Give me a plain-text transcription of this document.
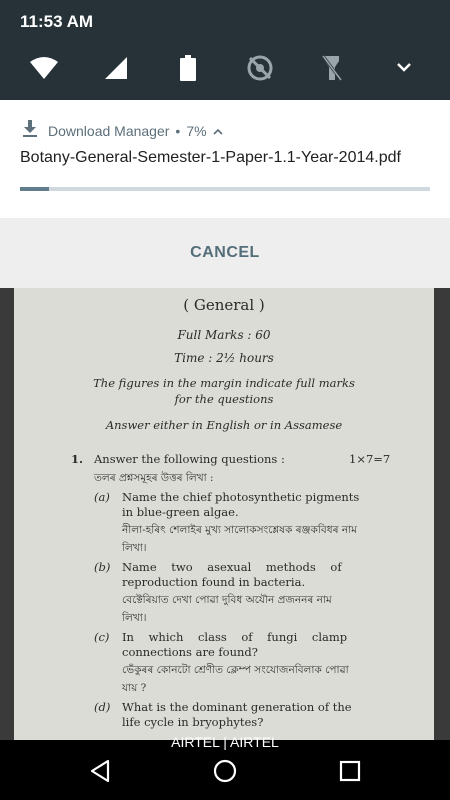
( General )
Full Marks : 60
Time : 2½ hours
The figures in the margin indicate full marks
for the questions
Answer either in English or in Assamese
1. Answer the following questions :	1×7=7
তলৰ প্ৰশ্নসমূহৰ উত্তৰ লিখা :
(a) Name the chief photosynthetic pigments
in blue-green algae.
নীলা-হৰিৎ শেলাইৰ মুখ্য সালোকসংশ্লেষক ৰঞ্জকবিধৰ নাম
লিখা।
(b) Name    two    asexual    methods    of
reproduction found in bacteria.
বেক্টেৰিয়াত দেখা পোৱা দুবিধ অযৌন প্ৰজননৰ নাম
লিখা।
(c) In    which    class    of    fungi    clamp
connections are found?
ভেঁকুৰৰ কোনটো শ্ৰেণীত ক্লেম্প সংযোজনবিলাক পোৱা
যায় ?
(d) What is the dominant generation of the
life cycle in bryophytes?
11:53 AM
Download Manager • 7%
Botany-General-Semester-1-Paper-1.1-Year-2014.pdf
CANCEL
AIRTEL | AIRTEL
